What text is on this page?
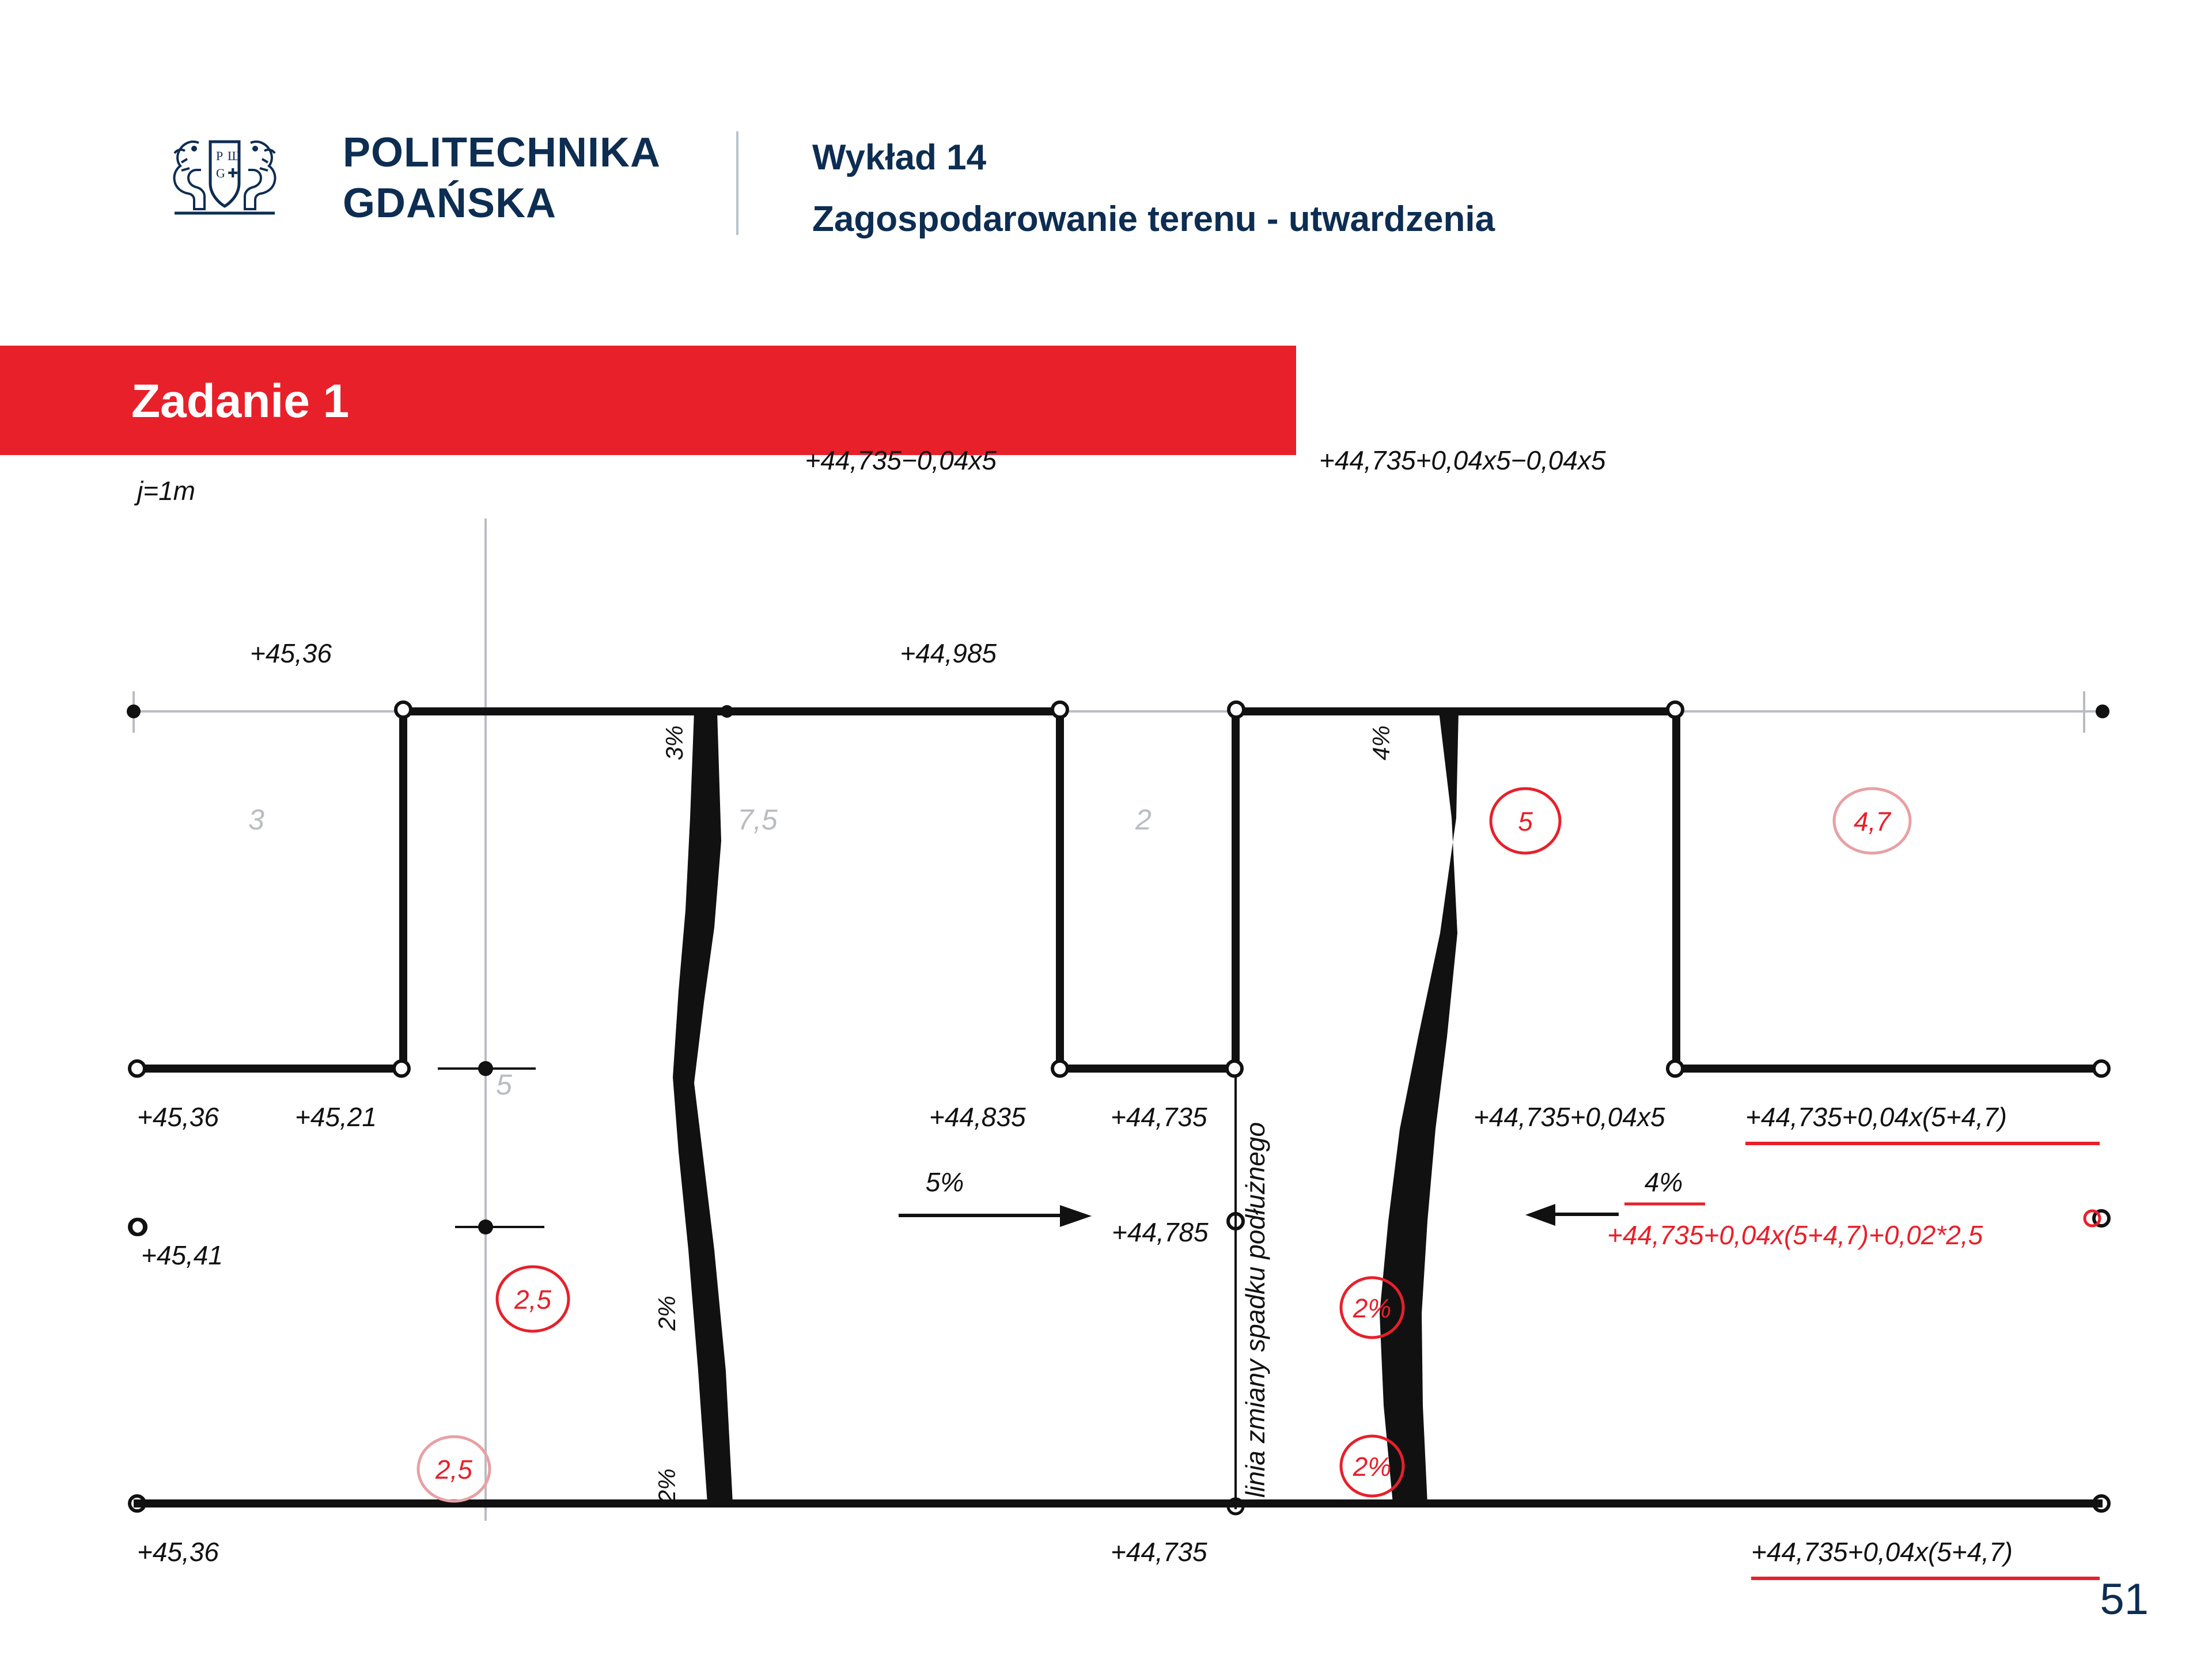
P Ш
G ✚	POLITECHNIKA
GDAŃSKA
Wykład 14
Zagospodarowanie terenu - utwardzenia
Zadanie 1
3	7,5	2
5
5	4,7
2,5
2,5
2%
2%
j=1m
+44,735−0,04x5	+44,735+0,04x5−0,04x5
+45,36	+44,985
+45,36	+45,21	+44,835	+44,735	+44,735+0,04x5	+44,735+0,04x(5+4,7)
+45,41
+44,785
+45,36	+44,735	+44,735+0,04x(5+4,7)
+44,735+0,04x(5+4,7)+0,02*2,5
3%	4%
2%
2%	linia zmiany spadku podłużnego
5%	4%
51
